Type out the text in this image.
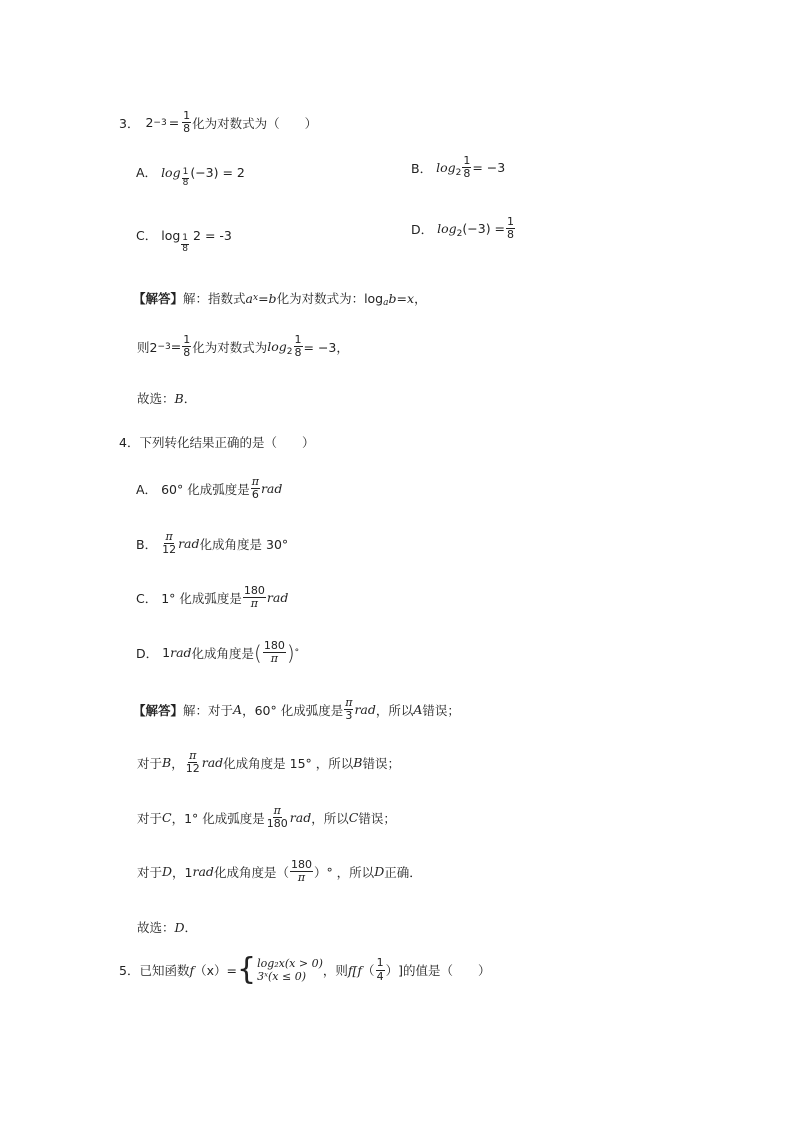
3． $2 -3 = \frac{1}{8}$ 化为对数式为（　　）
A． $\log \frac{1}{8} (-3) = 2$	B． $\log 2 \frac{1}{8} = -3$
C． $\log \frac{1}{8} 2 = -3$	D． log 2 $(-3) = \frac{1}{8}$
【解答】 解：指数式 a x = b 化为对数式为：log a b = x ，
则$2 -3 = \frac{1}{8}$ 化为对数式为 $\log 2 \frac{1}{8} = -3$，
故选： B ．
4． 下列转化结果正确的是（　　）
A． 60° 化成弧度是 $\frac{\pi}{6}$ rad
B． $\frac{\pi}{12}$ rad 化成角度是 30°
C． 1° 化成弧度是 $\frac{180}{\pi}$ rad
D． 1 rad 化成角度是 ( $\frac{180}{\pi}$ ) °
【解答】 解：对于 A ，60° 化成弧度是 $\frac{\pi}{3}$ rad ，所以 A 错误；
对于 B ， $\frac{\pi}{12}$ rad 化成角度是 15° ，所以 B 错误；
对于 C ，1° 化成弧度是 $\frac{\pi}{180}$ rad ，所以 C 错误；
对于 D ，1 rad 化成角度是（ $\frac{180}{\pi}$ ）° ，所以 D 正确．
故选： D ．
5． 已知函数 f （x） = { log₂x(x > 0)
3ˣ(x ≤ 0)	，则 f[f （ $\frac{1}{4}$ ） ]的值是（　　）
